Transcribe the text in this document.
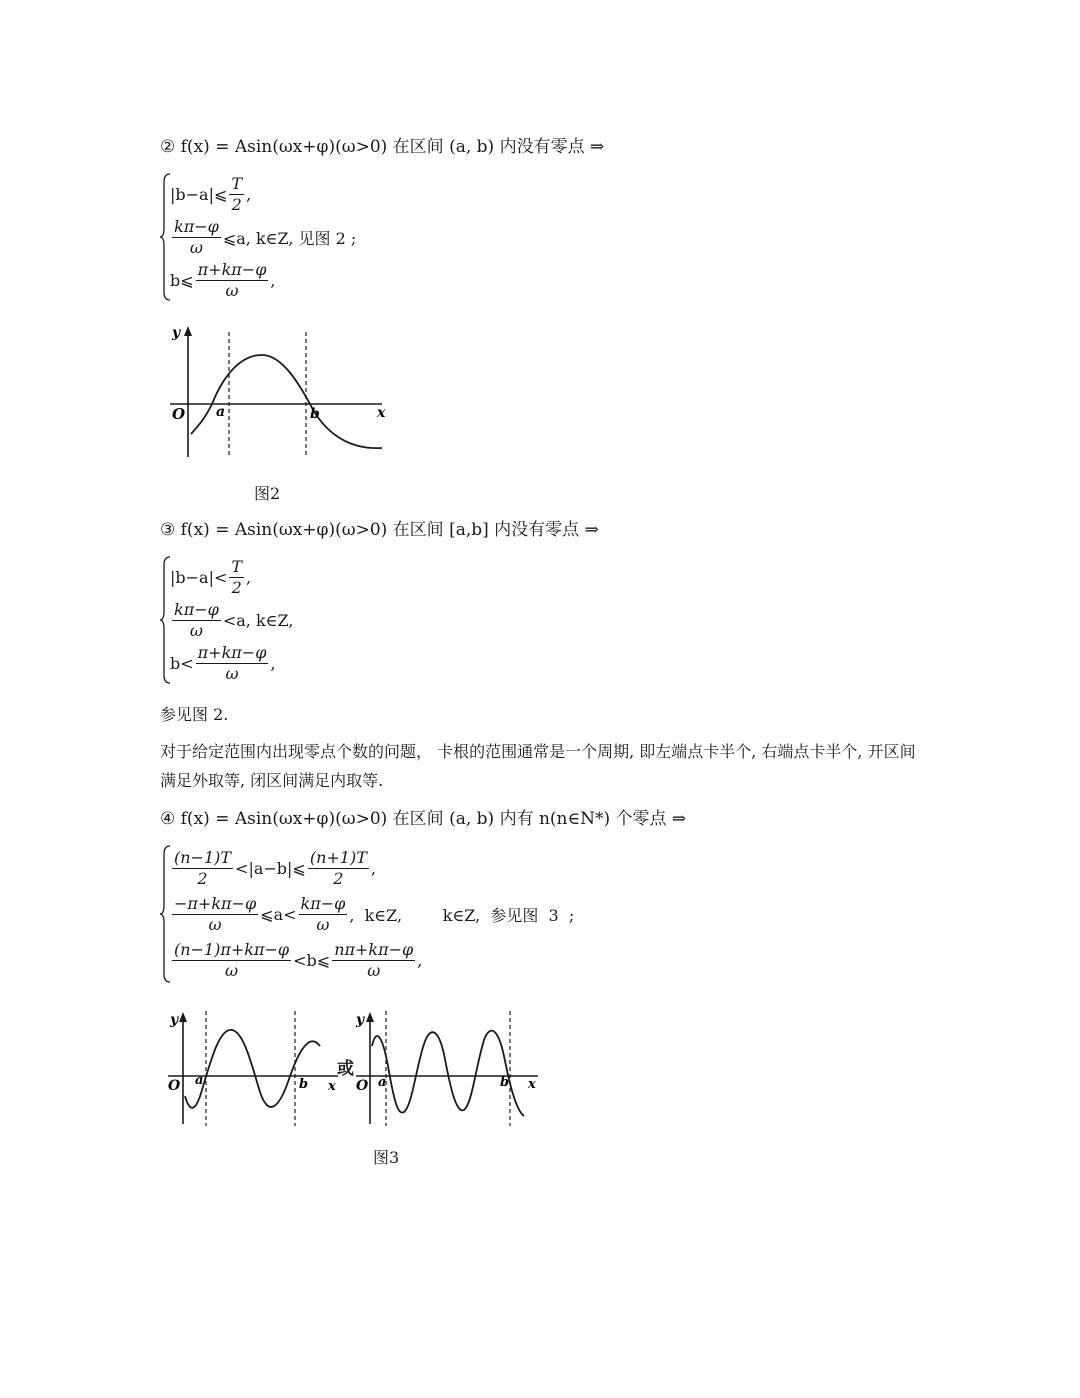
② f(x) = Asin(ωx+φ)(ω>0) 在区间 (a, b) 内没有零点 ⇒
|b−a|⩽ $\frac{T}{2}$ ,
$\frac{k\pi-\varphi}{\omega}$ ⩽a, k∈Z, 见图 2 ;
b⩽ $\frac{\pi+k\pi-\varphi}{\omega}$ ,
y
O a	b	x
图2
③ f(x) = Asin(ωx+φ)(ω>0) 在区间 [a,b] 内没有零点 ⇒
$|b-a|< \frac{T}{2}$ ,
$\frac{k\pi-\varphi}{\omega} <a$, k∈Z,
$b< \frac{\pi+k\pi-\varphi}{\omega}$ ,
参见图 2.
对于给定范围内出现零点个数的问题， 卡根的范围通常是一个周期, 即左端点卡半个, 右端点卡半个, 开区间满足外取等, 闭区间满足内取等.
④ f(x) = Asin(ωx+φ)(ω>0) 在区间 (a, b) 内有 n(n∈N*) 个零点 ⇒
$\frac{(n-1)T}{2}$ <|a−b|⩽ $\frac{(n+1)T}{2}$ ,
$\frac{-\pi+k\pi-\varphi}{\omega}$ ⩽a< $\frac{k\pi-\varphi}{\omega}$ ,  k∈Z,        k∈Z,  参见图  3  ;
$\frac{(n-1)\pi+k\pi-\varphi}{\omega}$ <b⩽ $\frac{n\pi+k\pi-\varphi}{\omega}$ ,
y
O a	b x
或
y
O a	b x
图3
